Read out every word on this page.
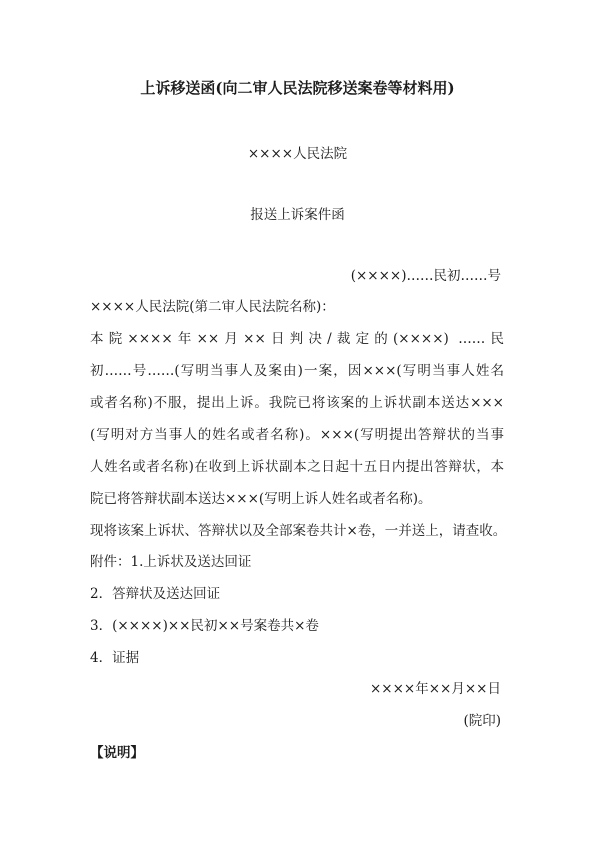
上诉移送函(向二审人民法院移送案卷等材料用)
××××人民法院
报送上诉案件函
(××××)……民初……号
××××人民法院(第二审人民法院名称)：
本院××××年××月××日判决/裁定的(××××) ……民
初……号……(写明当事人及案由)一案，因×××(写明当事人姓名
或者名称)不服，提出上诉。我院已将该案的上诉状副本送达×××
(写明对方当事人的姓名或者名称)。×××(写明提出答辩状的当事
人姓名或者名称)在收到上诉状副本之日起十五日内提出答辩状，本
院已将答辩状副本送达×××(写明上诉人姓名或者名称)。
现将该案上诉状、答辩状以及全部案卷共计×卷，一并送上，请查收。
附件：1.上诉状及送达回证
2．答辩状及送达回证
3．(××××)××民初××号案卷共×卷
4．证据
××××年××月××日
(院印)
【说明】
